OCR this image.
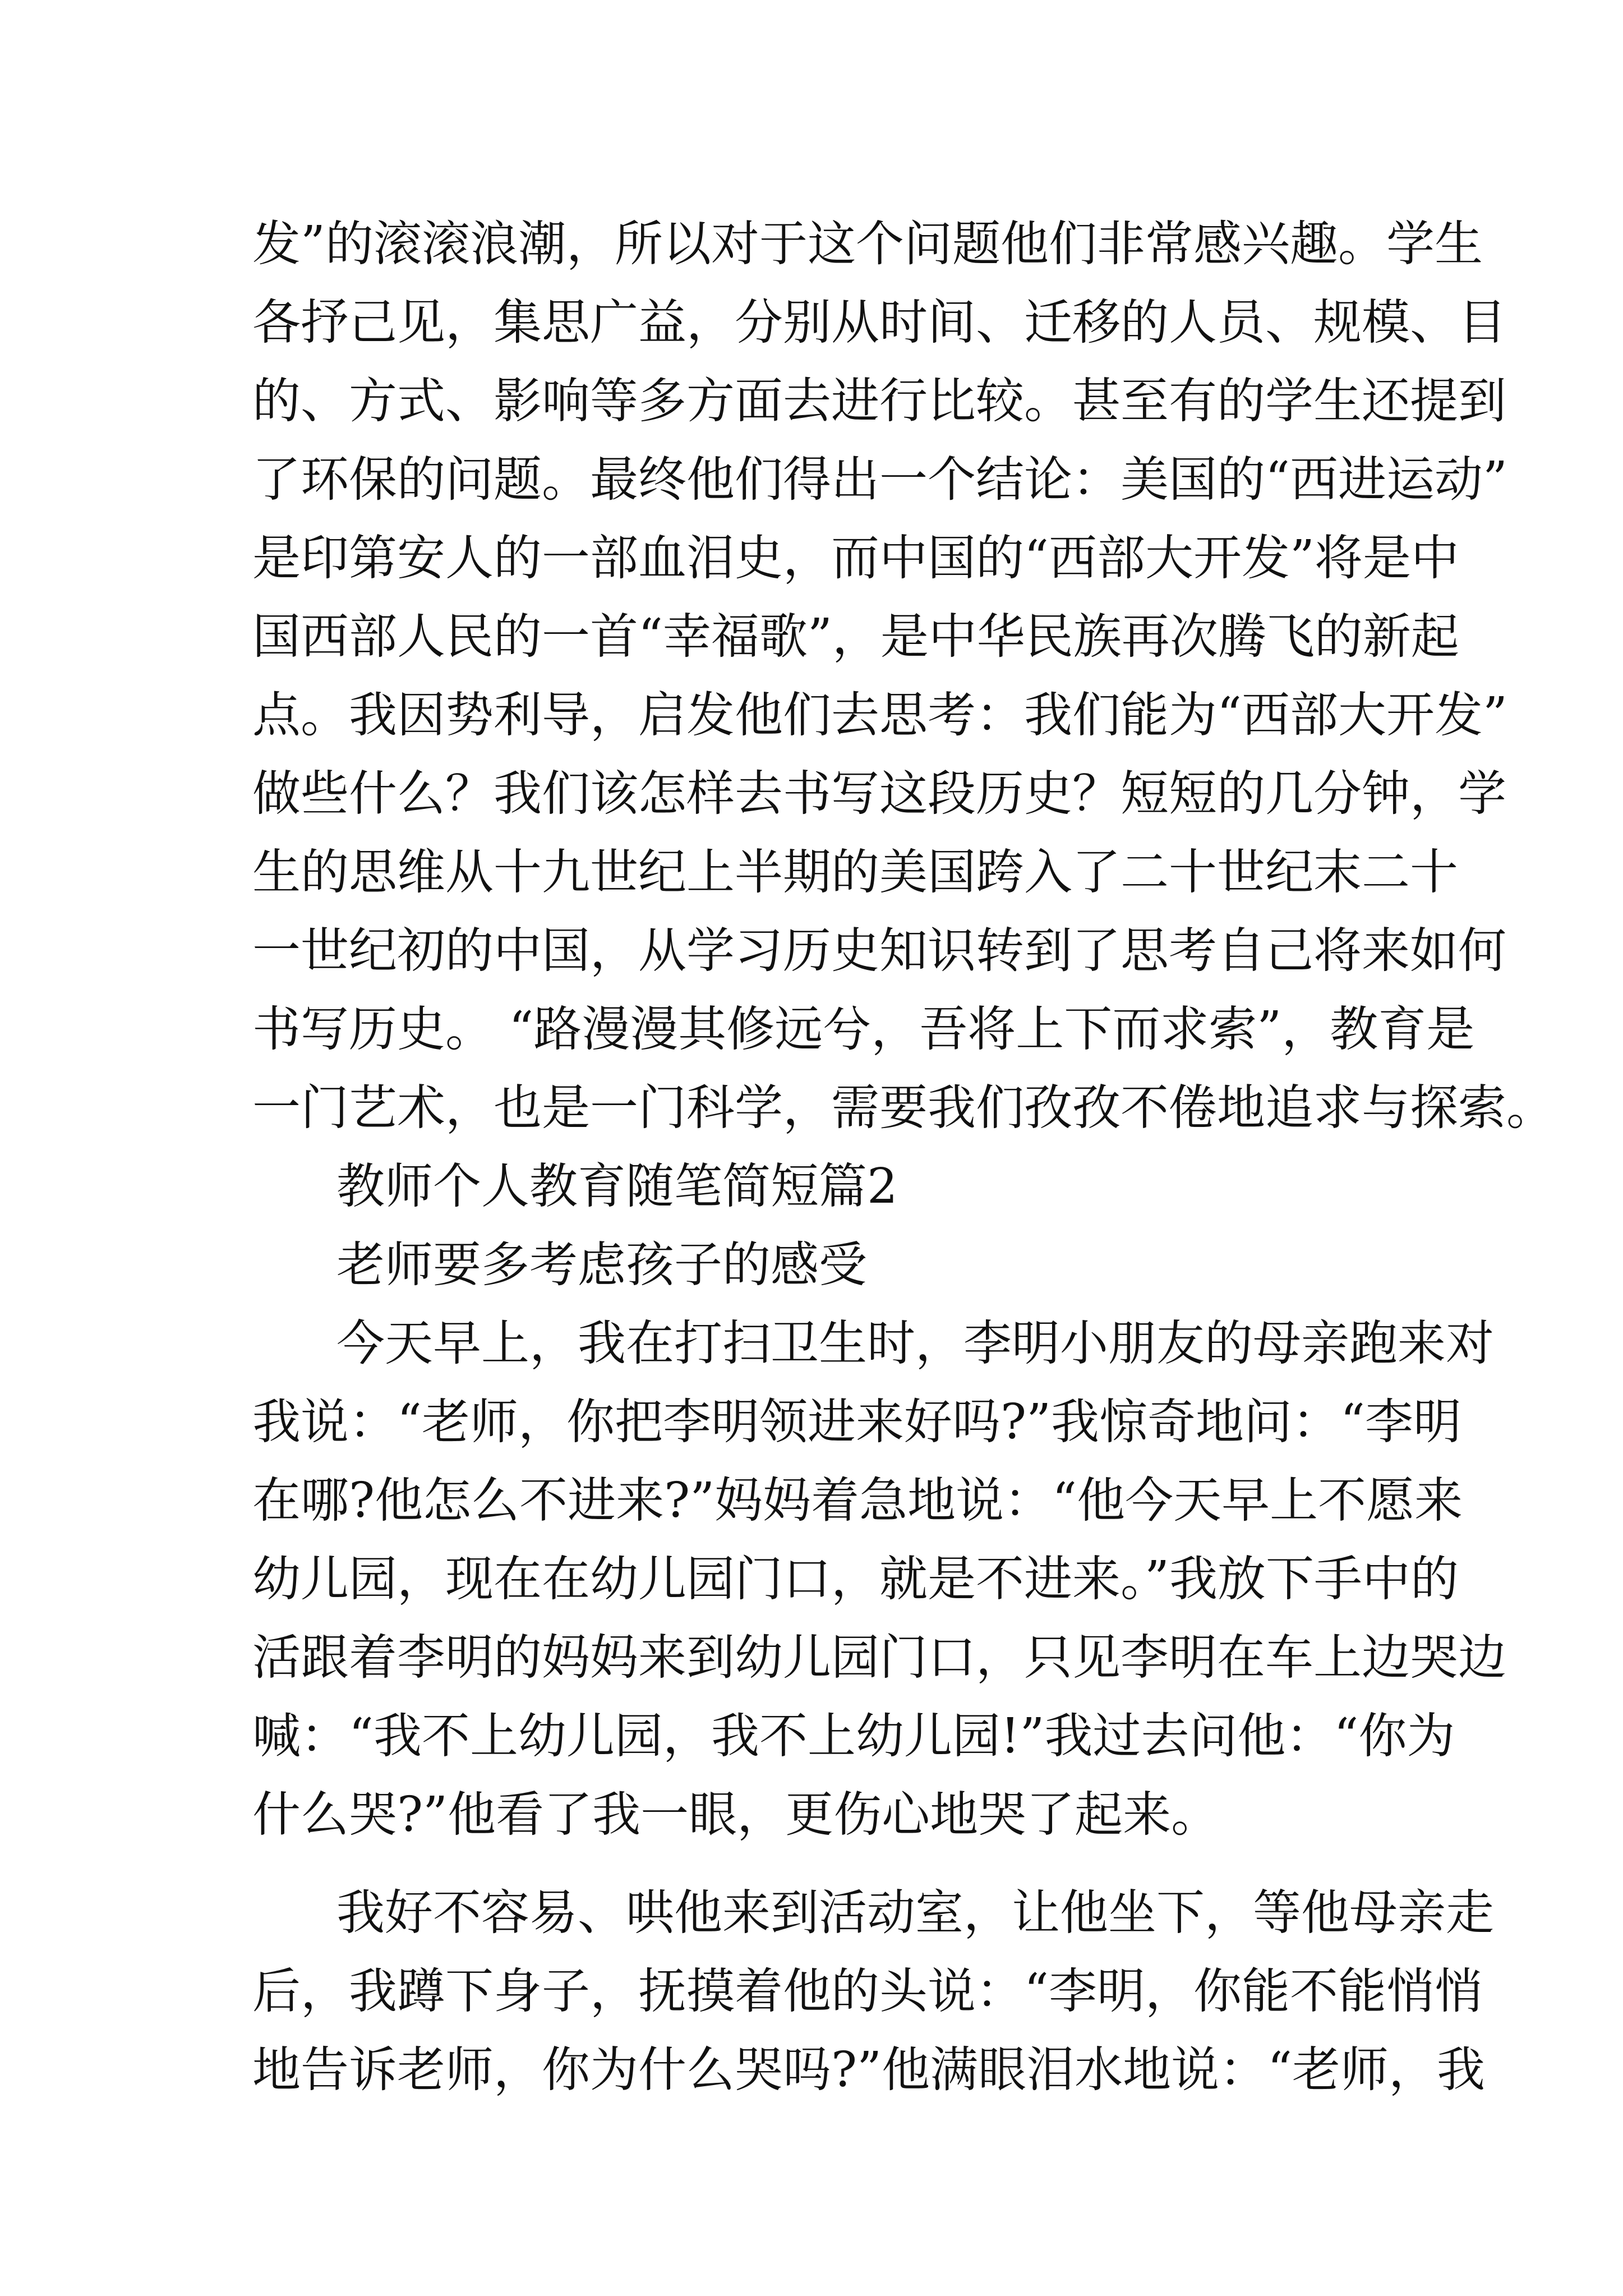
发”的滚滚浪潮，所以对于这个问题他们非常感兴趣。学生
各抒己见，集思广益，分别从时间、迁移的人员、规模、目
的、方式、影响等多方面去进行比较。甚至有的学生还提到
了环保的问题。最终他们得出一个结论：美国的“西进运动”
是印第安人的一部血泪史，而中国的“西部大开发”将是中
国西部人民的一首“幸福歌”，是中华民族再次腾飞的新起
点。我因势利导，启发他们去思考：我们能为“西部大开发”
做些什么？我们该怎样去书写这段历史？短短的几分钟，学
生的思维从十九世纪上半期的美国跨入了二十世纪末二十
一世纪初的中国，从学习历史知识转到了思考自己将来如何
书写历史。 “路漫漫其修远兮，吾将上下而求索”，教育是
一门艺术，也是一门科学，需要我们孜孜不倦地追求与探索。
教师个人教育随笔简短篇2
老师要多考虑孩子的感受
今天早上，我在打扫卫生时，李明小朋友的母亲跑来对
我说：“老师，你把李明领进来好吗?”我惊奇地问：“李明
在哪?他怎么不进来?”妈妈着急地说：“他今天早上不愿来
幼儿园，现在在幼儿园门口，就是不进来。”我放下手中的
活跟着李明的妈妈来到幼儿园门口，只见李明在车上边哭边
喊：“我不上幼儿园，我不上幼儿园!”我过去问他：“你为
什么哭?”他看了我一眼，更伤心地哭了起来。
我好不容易、哄他来到活动室，让他坐下，等他母亲走
后，我蹲下身子，抚摸着他的头说：“李明，你能不能悄悄
地告诉老师，你为什么哭吗?”他满眼泪水地说：“老师，我
